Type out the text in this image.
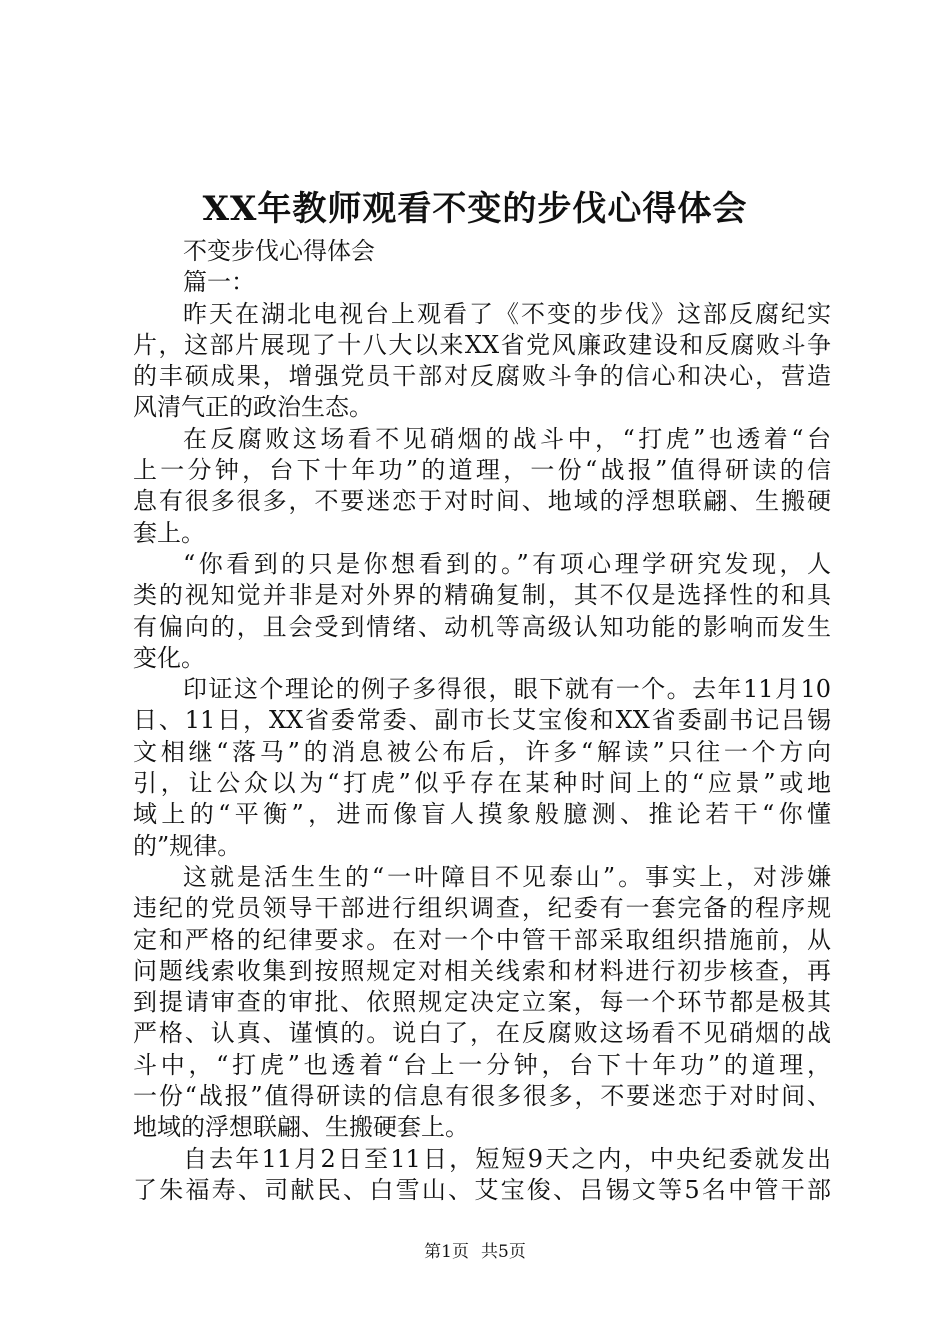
XX年教师观看不变的步伐心得体会
不变步伐心得体会
篇一：
昨天在湖北电视台上观看了《不变的步伐》这部反腐纪实
片，这部片展现了十八大以来XX省党风廉政建设和反腐败斗争
的丰硕成果，增强党员干部对反腐败斗争的信心和决心，营造
风清气正的政治生态。
在反腐败这场看不见硝烟的战斗中，“打虎”也透着“台
上一分钟，台下十年功”的道理，一份“战报”值得研读的信
息有很多很多，不要迷恋于对时间、地域的浮想联翩、生搬硬
套上。
“你看到的只是你想看到的。”有项心理学研究发现，人
类的视知觉并非是对外界的精确复制，其不仅是选择性的和具
有偏向的，且会受到情绪、动机等高级认知功能的影响而发生
变化。
印证这个理论的例子多得很，眼下就有一个。去年11月10
日、11日，XX省委常委、副市长艾宝俊和XX省委副书记吕锡
文相继“落马”的消息被公布后，许多“解读”只往一个方向
引，让公众以为“打虎”似乎存在某种时间上的“应景”或地
域上的“平衡”，进而像盲人摸象般臆测、推论若干“你懂
的”规律。
这就是活生生的“一叶障目不见泰山”。事实上，对涉嫌
违纪的党员领导干部进行组织调查，纪委有一套完备的程序规
定和严格的纪律要求。在对一个中管干部采取组织措施前，从
问题线索收集到按照规定对相关线索和材料进行初步核查，再
到提请审查的审批、依照规定决定立案，每一个环节都是极其
严格、认真、谨慎的。说白了，在反腐败这场看不见硝烟的战
斗中，“打虎”也透着“台上一分钟，台下十年功”的道理，
一份“战报”值得研读的信息有很多很多，不要迷恋于对时间、
地域的浮想联翩、生搬硬套上。
自去年11月2日至11日，短短9天之内，中央纪委就发出
了朱福寿、司献民、白雪山、艾宝俊、吕锡文等5名中管干部
第1页 共5页
